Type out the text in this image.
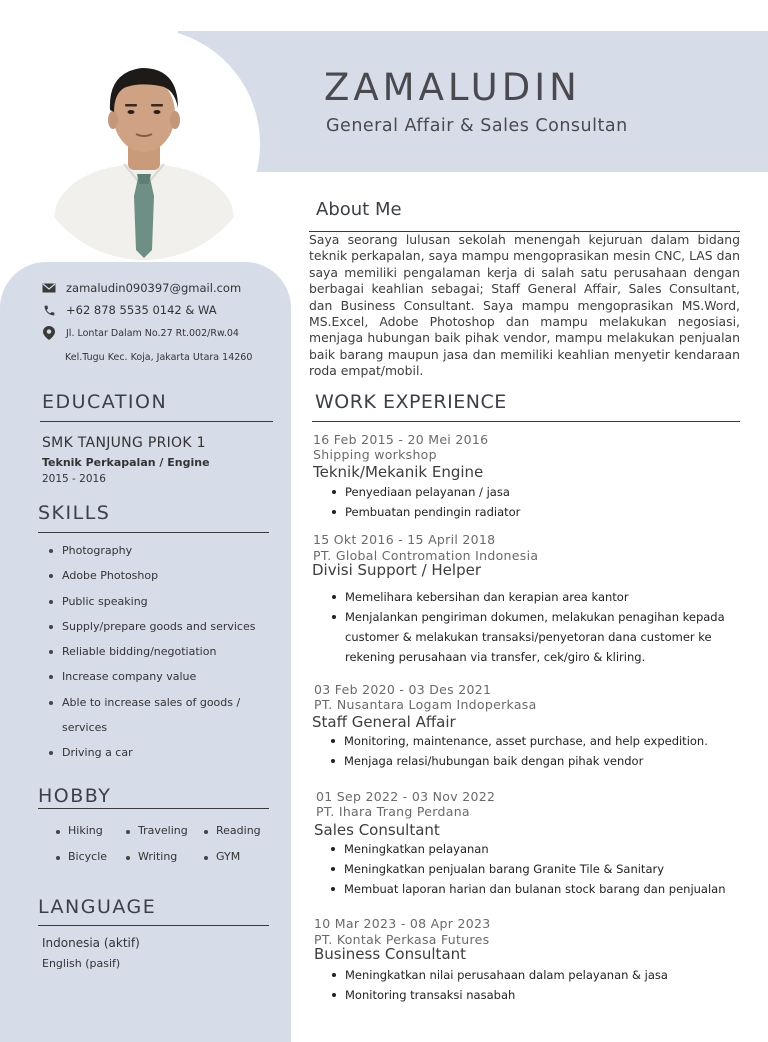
ZAMALUDIN
General Affair & Sales Consultan
zamaludin090397@gmail.com
+62 878 5535 0142 & WA
Jl. Lontar Dalam No.27 Rt.002/Rw.04
Kel.Tugu Kec. Koja, Jakarta Utara 14260
EDUCATION
SMK TANJUNG PRIOK 1
Teknik Perkapalan / Engine
2015 - 2016
SKILLS
Photography
Adobe Photoshop
Public speaking
Supply/prepare goods and services
Reliable bidding/negotiation
Increase company value
Able to increase sales of goods /
services
Driving a car
HOBBY
Hiking	Traveling	Reading
Bicycle	Writing	GYM
LANGUAGE
Indonesia (aktif)
English (pasif)
About Me
Saya seorang lulusan sekolah menengah kejuruan dalam bidang teknik perkapalan, saya mampu mengoprasikan mesin CNC, LAS dan saya memiliki pengalaman kerja di salah satu perusahaan dengan berbagai keahlian sebagai; Staff General Affair, Sales Consultant, dan Business Consultant. Saya mampu mengoprasikan MS.Word, MS.Excel, Adobe Photoshop dan mampu melakukan negosiasi, menjaga hubungan baik pihak vendor, mampu melakukan penjualan baik barang maupun jasa dan memiliki keahlian menyetir kendaraan roda empat/mobil.
WORK EXPERIENCE
16 Feb 2015 - 20 Mei 2016
Shipping workshop
Teknik/Mekanik Engine
Penyediaan pelayanan / jasa
Pembuatan pendingin radiator
15 Okt 2016 - 15 April 2018
PT. Global Contromation Indonesia
Divisi Support / Helper
Memelihara kebersihan dan kerapian area kantor
Menjalankan pengiriman dokumen, melakukan penagihan kepada
customer & melakukan transaksi/penyetoran dana customer ke
rekening perusahaan via transfer, cek/giro & kliring.
03 Feb 2020 - 03 Des 2021
PT. Nusantara Logam Indoperkasa
Staff General Affair
Monitoring, maintenance, asset purchase, and help expedition.
Menjaga relasi/hubungan baik dengan pihak vendor
01 Sep 2022 - 03 Nov 2022
PT. Ihara Trang Perdana
Sales Consultant
Meningkatkan pelayanan
Meningkatkan penjualan barang Granite Tile & Sanitary
Membuat laporan harian dan bulanan stock barang dan penjualan
10 Mar 2023 - 08 Apr 2023
PT. Kontak Perkasa Futures
Business Consultant
Meningkatkan nilai perusahaan dalam pelayanan & jasa
Monitoring transaksi nasabah
